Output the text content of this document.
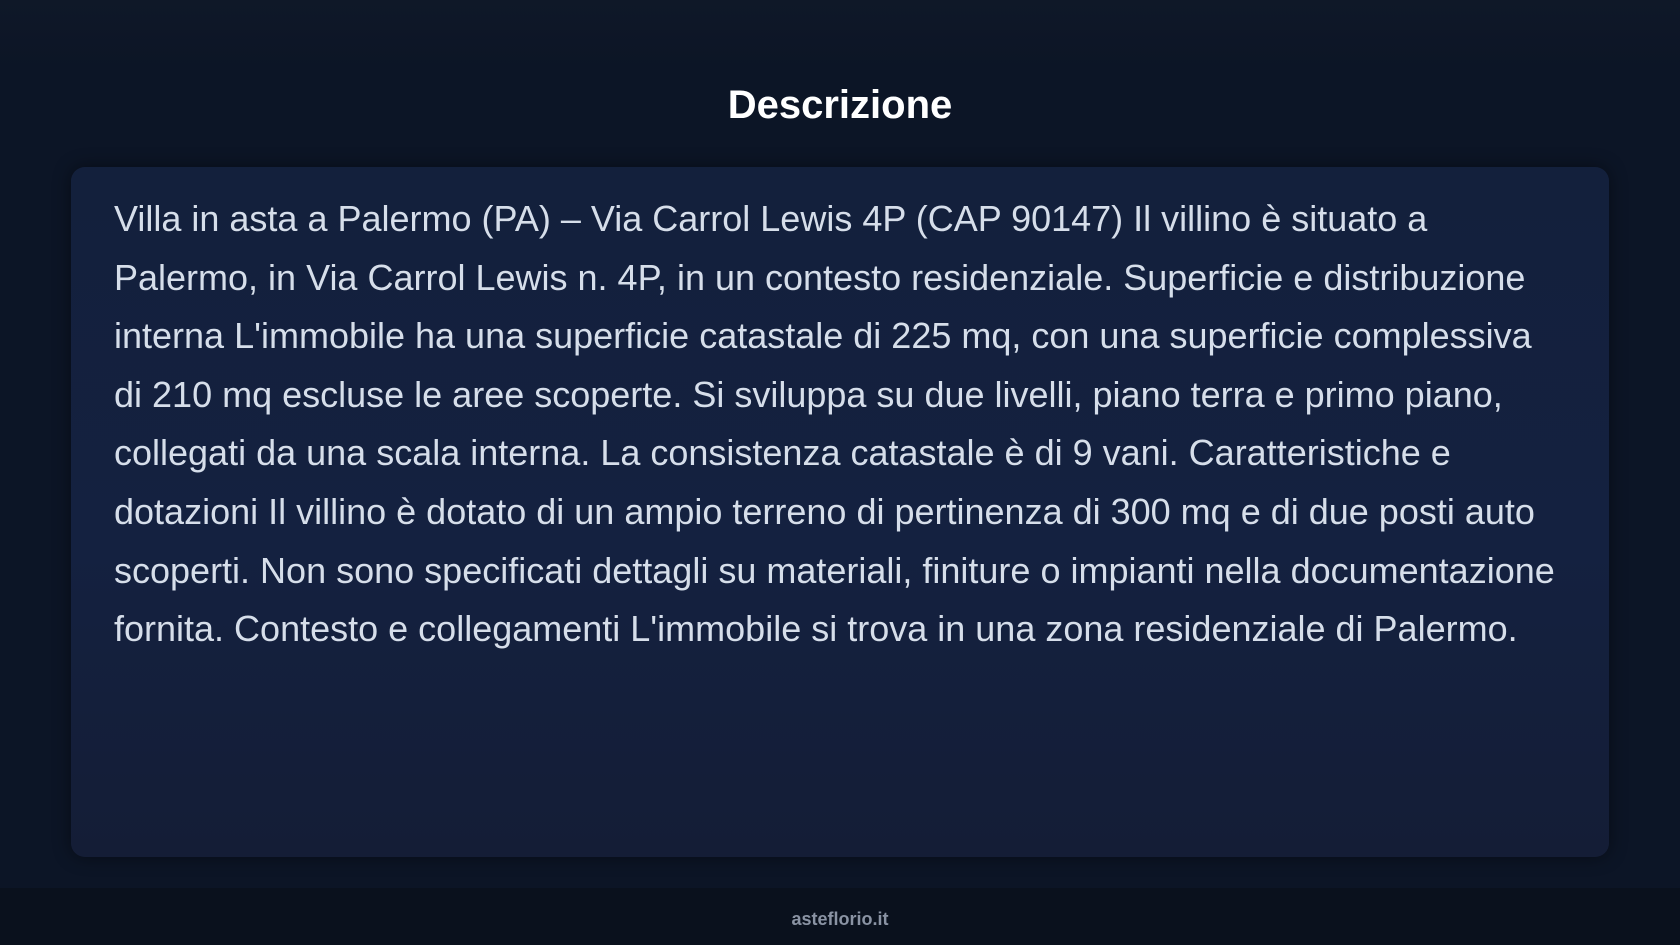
Descrizione

Villa in asta a Palermo (PA) – Via Carrol Lewis 4P (CAP 90147) Il villino è situato a Palermo, in Via Carrol Lewis n. 4P, in un contesto residenziale. Superficie e distribuzione interna L'immobile ha una superficie catastale di 225 mq, con una superficie complessiva di 210 mq escluse le aree scoperte. Si sviluppa su due livelli, piano terra e primo piano, collegati da una scala interna. La consistenza catastale è di 9 vani. Caratteristiche e dotazioni Il villino è dotato di un ampio terreno di pertinenza di 300 mq e di due posti auto scoperti. Non sono specificati dettagli su materiali, finiture o impianti nella documentazione fornita. Contesto e collegamenti L'immobile si trova in una zona residenziale di Palermo.

asteflorio.it
